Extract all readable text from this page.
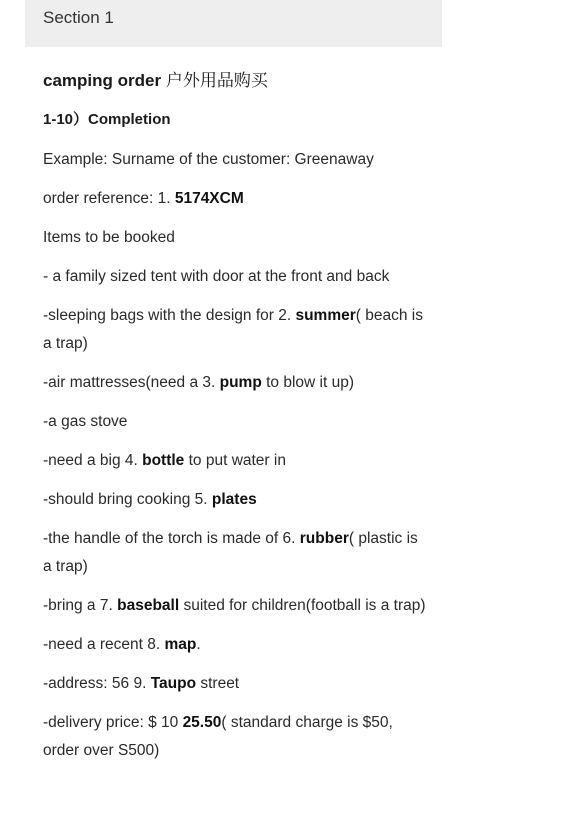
Section 1
camping order 户外用品购买
1-10）Completion
Example: Surname of the customer: Greenaway
order reference: 1. 5174XCM
Items to be booked
- a family sized tent with door at the front and back
-sleeping bags with the design for 2. summer( beach is a trap)
-air mattresses(need a 3. pump to blow it up)
-a gas stove
-need a big 4. bottle to put water in
-should bring cooking 5. plates
-the handle of the torch is made of 6. rubber( plastic is a trap)
-bring a 7. baseball suited for children(football is a trap)
-need a recent 8. map.
-address: 56 9. Taupo street
-delivery price: $ 10 25.50( standard charge is $50, order over S500)
